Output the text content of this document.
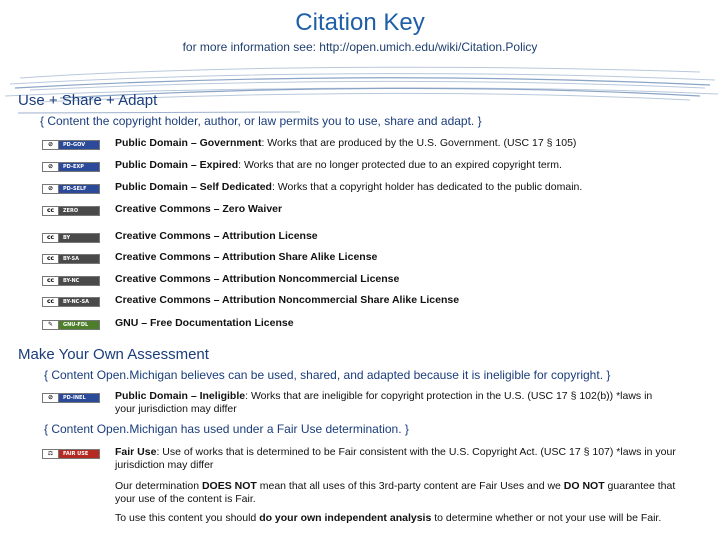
Citation Key
for more information see: http://open.umich.edu/wiki/Citation.Policy
Use + Share + Adapt
{ Content the copyright holder, author, or law permits you to use, share and adapt. }
⊘	PD-GOV	Public Domain – Government: Works that are produced by the U.S. Government. (USC 17 § 105)
⊘	PD-EXP	Public Domain – Expired: Works that are no longer protected due to an expired copyright term.
⊘	PD-SELF	Public Domain – Self Dedicated: Works that a copyright holder has dedicated to the public domain.
cc	ZERO	Creative Commons – Zero Waiver
cc	BY	Creative Commons – Attribution License
cc	BY-SA	Creative Commons – Attribution Share Alike License
cc	BY-NC	Creative Commons – Attribution Noncommercial License
cc	BY-NC-SA Creative Commons – Attribution Noncommercial Share Alike License
✎	GNU-FDL	GNU – Free Documentation License
Make Your Own Assessment
{ Content Open.Michigan believes can be used, shared, and adapted because it is ineligible for copyright. }
⊘	PD-INEL	Public Domain – Ineligible: Works that are ineligible for copyright protection in the U.S. (USC 17 § 102(b)) *laws in
your jurisdiction may differ
{ Content Open.Michigan has used under a Fair Use determination. }
⚖	FAIR USE	Fair Use: Use of works that is determined to be Fair consistent with the U.S. Copyright Act. (USC 17 § 107) *laws in your
jurisdiction may differ
Our determination DOES NOT mean that all uses of this 3rd-party content are Fair Uses and we DO NOT guarantee that
your use of the content is Fair.
To use this content you should do your own independent analysis to determine whether or not your use will be Fair.
